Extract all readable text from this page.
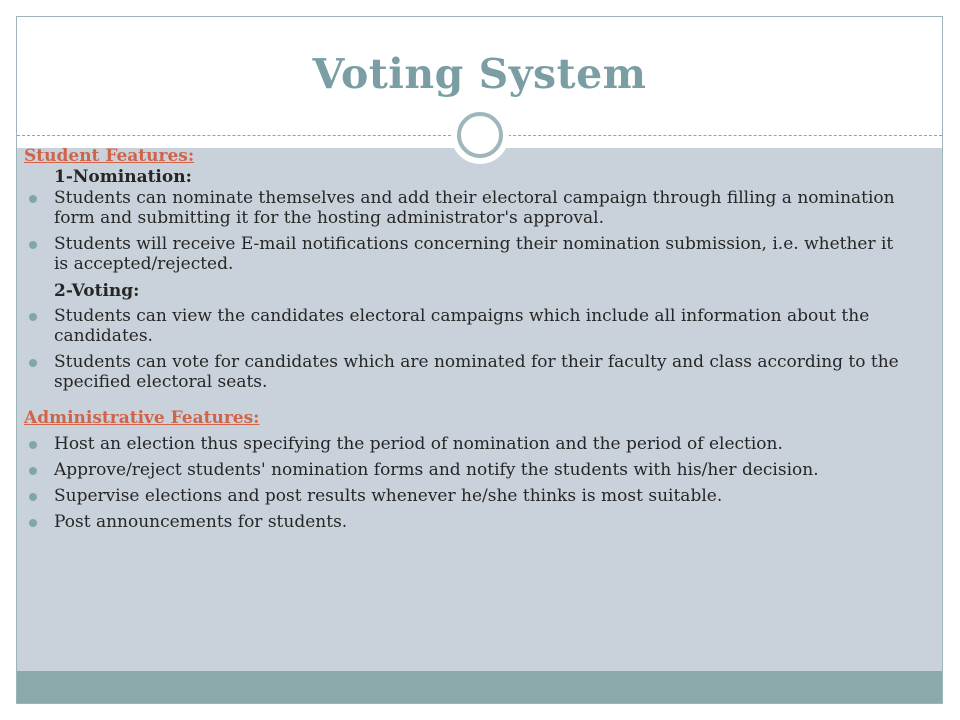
Voting System
Student Features:
1-Nomination:
Students can nominate themselves and add their electoral campaign through filling a nomination form and submitting it for the hosting administrator's approval.
Students will receive E-mail notifications concerning their nomination submission, i.e. whether it is accepted/rejected.
2-Voting:
Students can view the candidates electoral campaigns which include all information about the candidates.
Students can vote for candidates which are nominated for their faculty and class according to the specified electoral seats.
Administrative Features:
Host an election thus specifying the period of nomination and the period of election.
Approve/reject students' nomination forms and notify the students with his/her decision.
Supervise elections and post results whenever he/she thinks is most suitable.
Post announcements for students.
